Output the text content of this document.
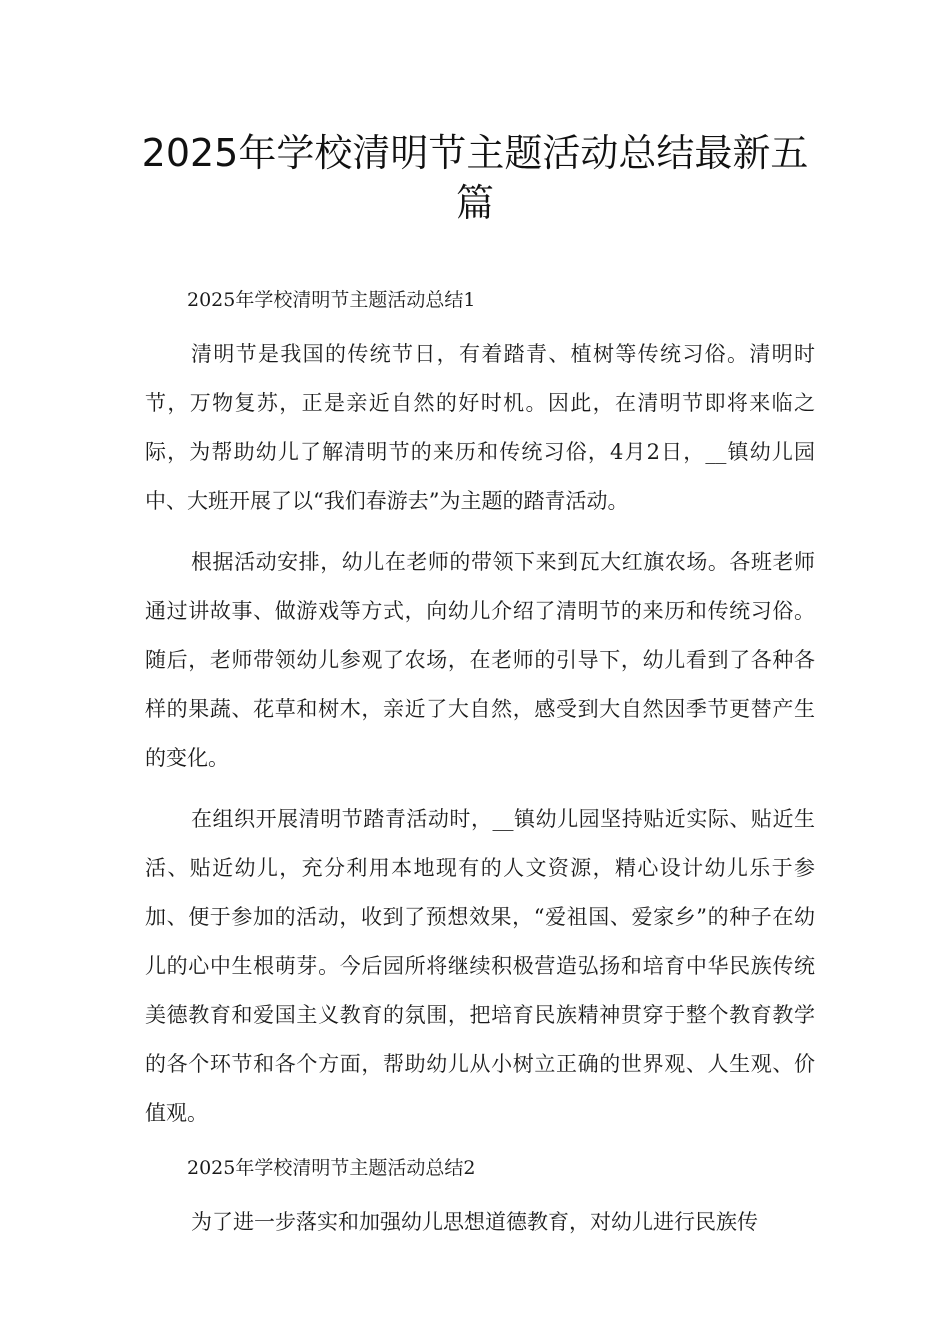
2025年学校清明节主题活动总结最新五篇

2025年学校清明节主题活动总结1

清明节是我国的传统节日，有着踏青、植树等传统习俗。清明时节，万物复苏，正是亲近自然的好时机。因此，在清明节即将来临之际，为帮助幼儿了解清明节的来历和传统习俗，4月2日，__镇幼儿园中、大班开展了以“我们春游去”为主题的踏青活动。

根据活动安排，幼儿在老师的带领下来到瓦大红旗农场。各班老师通过讲故事、做游戏等方式，向幼儿介绍了清明节的来历和传统习俗。随后，老师带领幼儿参观了农场，在老师的引导下，幼儿看到了各种各样的果蔬、花草和树木，亲近了大自然，感受到大自然因季节更替产生的变化。

在组织开展清明节踏青活动时，__镇幼儿园坚持贴近实际、贴近生活、贴近幼儿，充分利用本地现有的人文资源，精心设计幼儿乐于参加、便于参加的活动，收到了预想效果，“爱祖国、爱家乡”的种子在幼儿的心中生根萌芽。今后园所将继续积极营造弘扬和培育中华民族传统美德教育和爱国主义教育的氛围，把培育民族精神贯穿于整个教育教学的各个环节和各个方面，帮助幼儿从小树立正确的世界观、人生观、价值观。

2025年学校清明节主题活动总结2

为了进一步落实和加强幼儿思想道德教育，对幼儿进行民族传
